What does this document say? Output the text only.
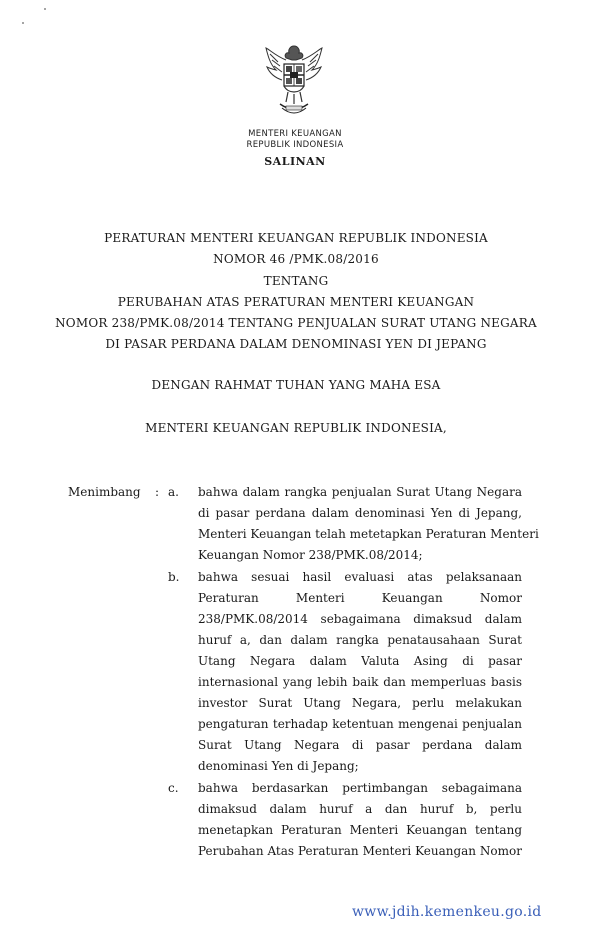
MENTERI KEUANGAN
REPUBLIK INDONESIA
SALINAN
PERATURAN MENTERI KEUANGAN REPUBLIK INDONESIA
NOMOR 46 /PMK.08/2016
TENTANG
PERUBAHAN ATAS PERATURAN MENTERI KEUANGAN
NOMOR 238/PMK.08/2014 TENTANG PENJUALAN SURAT UTANG NEGARA
DI PASAR PERDANA DALAM DENOMINASI YEN DI JEPANG
DENGAN RAHMAT TUHAN YANG MAHA ESA
MENTERI KEUANGAN REPUBLIK INDONESIA,
Menimbang : a. bahwa dalam rangka penjualan Surat Utang Negara
di pasar perdana dalam denominasi Yen di Jepang,
Menteri Keuangan telah metetapkan Peraturan Menteri
Keuangan Nomor 238/PMK.08/2014;
b. bahwa sesuai hasil evaluasi atas pelaksanaan
Peraturan Menteri Keuangan Nomor
238/PMK.08/2014 sebagaimana dimaksud dalam
huruf a, dan dalam rangka penatausahaan Surat
Utang Negara dalam Valuta Asing di pasar
internasional yang lebih baik dan memperluas basis
investor Surat Utang Negara, perlu melakukan
pengaturan terhadap ketentuan mengenai penjualan
Surat Utang Negara di pasar perdana dalam
denominasi Yen di Jepang;
c. bahwa berdasarkan pertimbangan sebagaimana
dimaksud dalam huruf a dan huruf b, perlu
menetapkan Peraturan Menteri Keuangan tentang
Perubahan Atas Peraturan Menteri Keuangan Nomor
www.jdih.kemenkeu.go.id
